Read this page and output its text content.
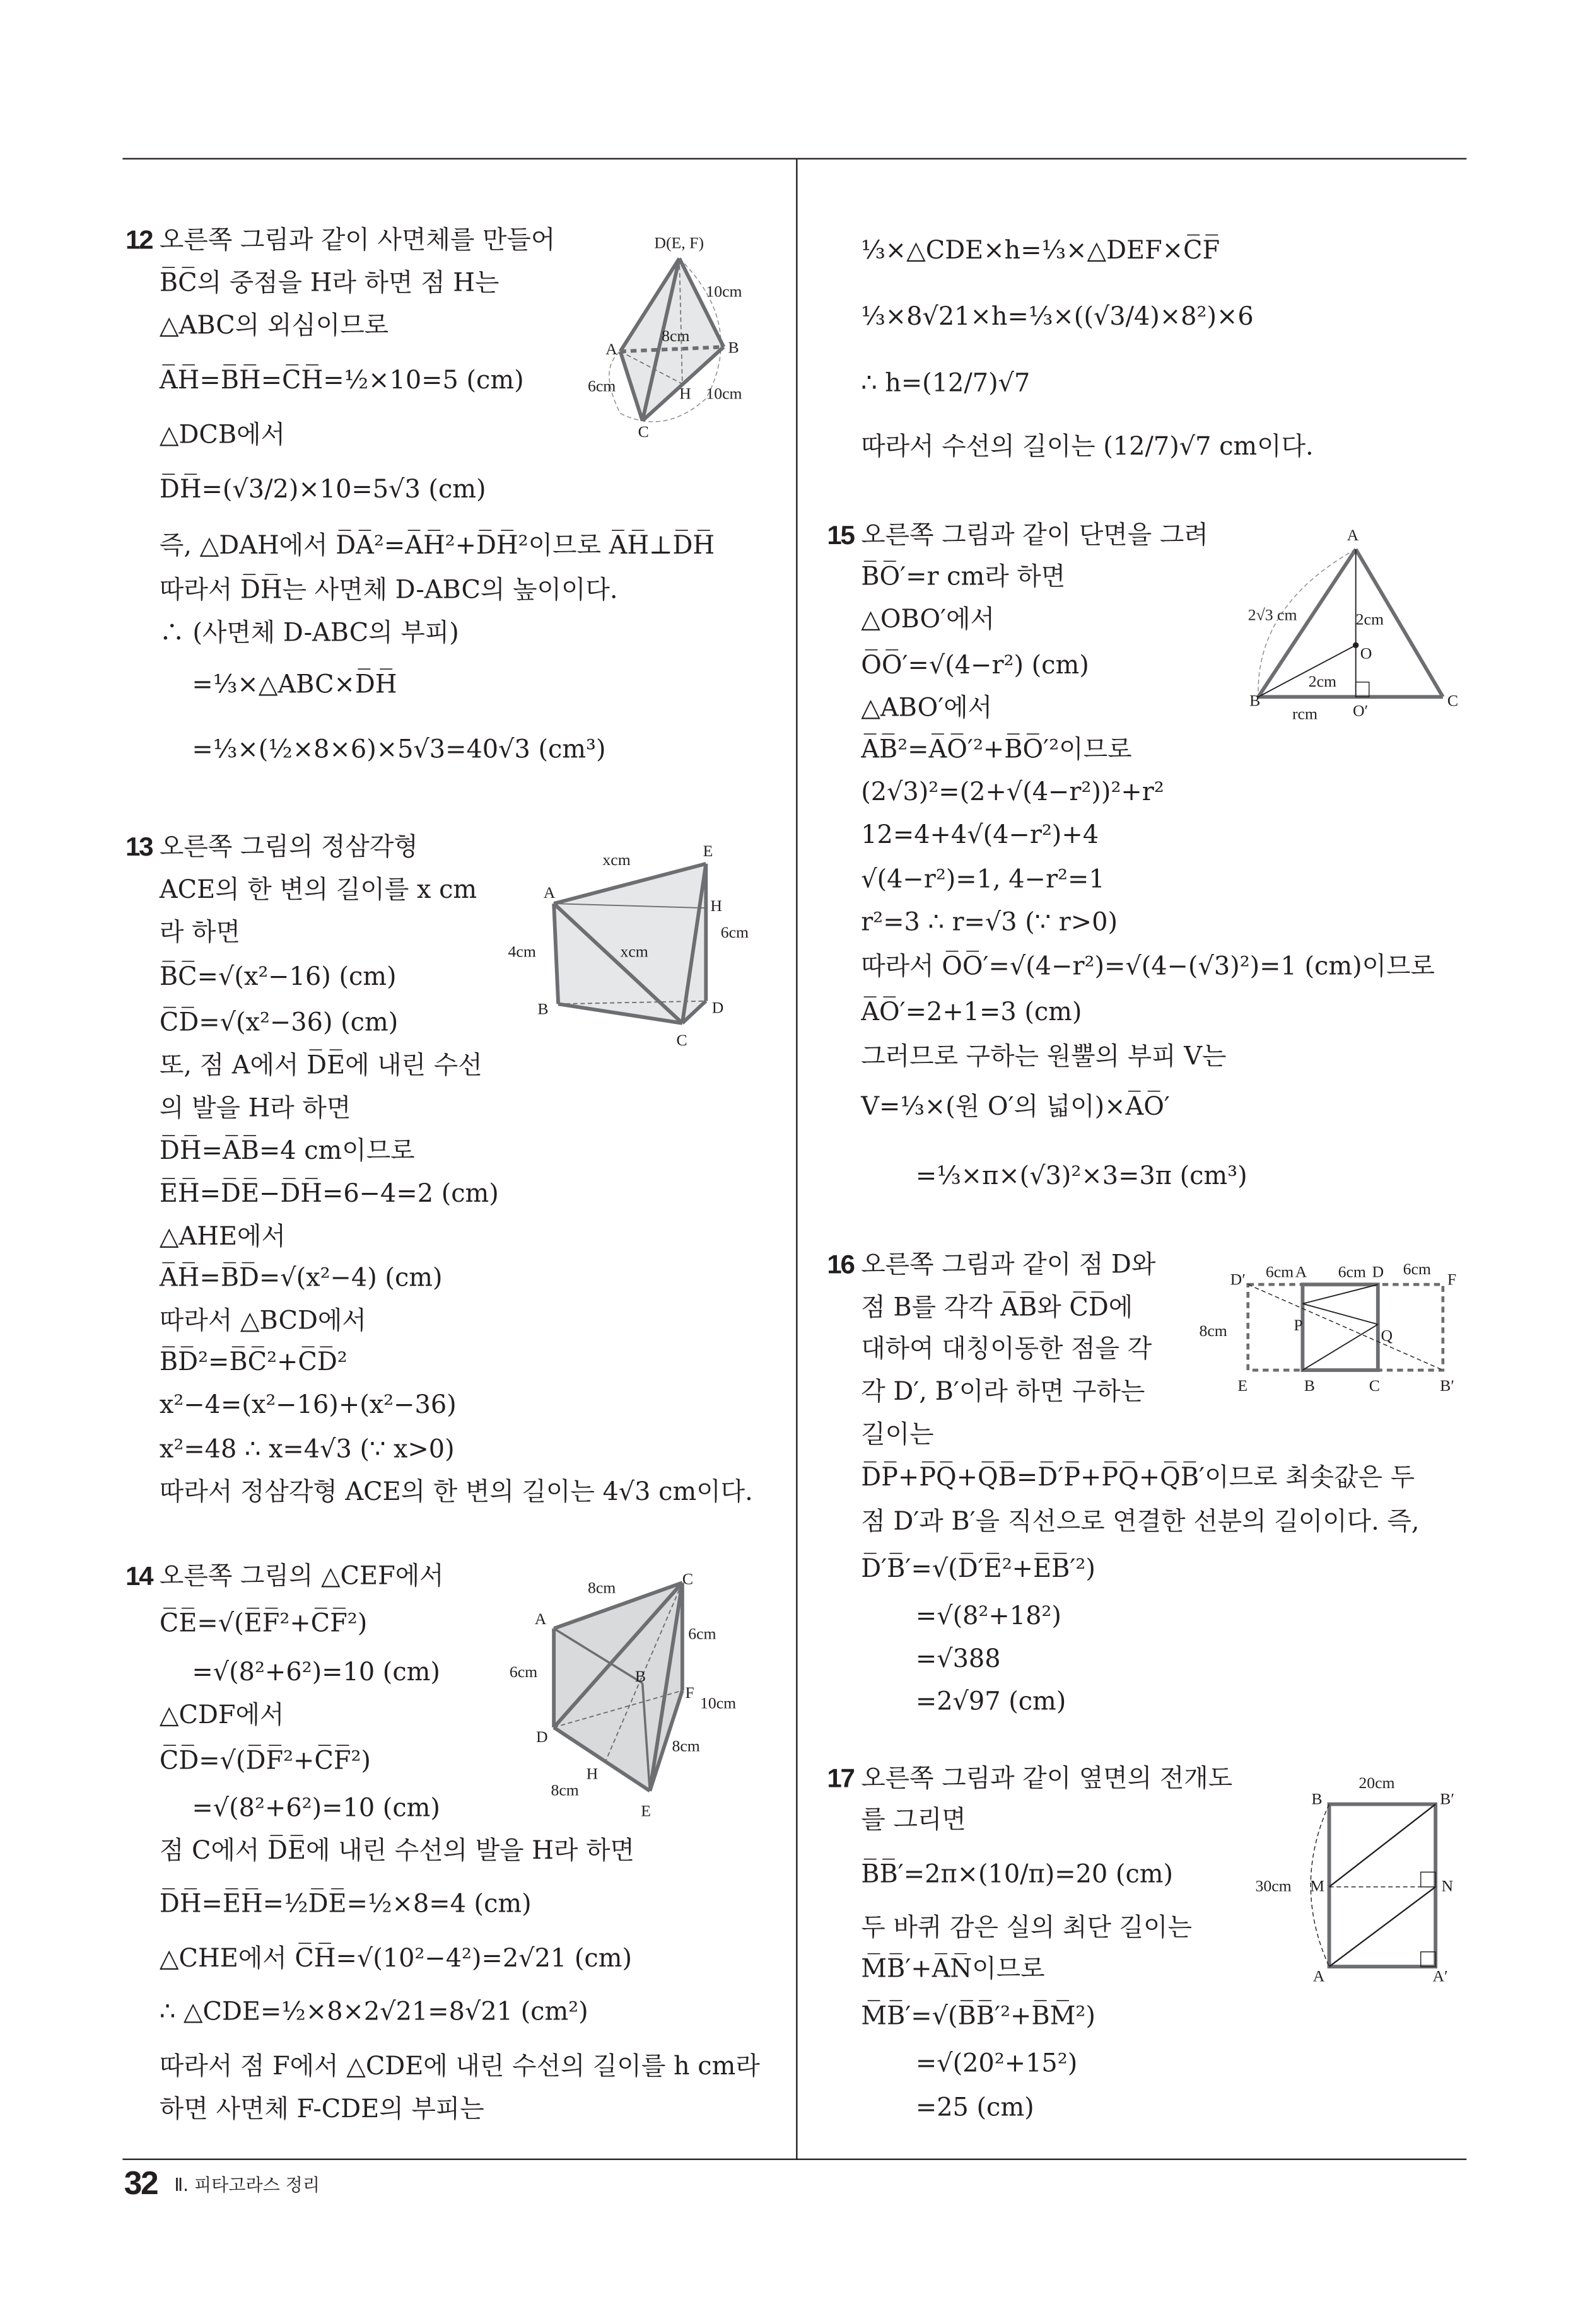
12 오른쪽 그림과 같이 사면체를 만들어
B̅C̅의 중점을 H라 하면 점 H는
△ABC의 외심이므로
A̅H̅=B̅H̅=C̅H̅=½×10=5 (cm)
△DCB에서
D̅H̅=(√3/2)×10=5√3 (cm)
즉, △DAH에서 D̅A̅²=A̅H̅²+D̅H̅²이므로 A̅H̅⊥D̅H̅
따라서 D̅H̅는 사면체 D-ABC의 높이이다.
∴ (사면체 D-ABC의 부피)
=⅓×△ABC×D̅H̅
=⅓×(½×8×6)×5√3=40√3 (cm³)
13 오른쪽 그림의 정삼각형
ACE의 한 변의 길이를 x cm
라 하면
B̅C̅=√(x²−16) (cm)
C̅D̅=√(x²−36) (cm)
또, 점 A에서 D̅E̅에 내린 수선
의 발을 H라 하면
D̅H̅=A̅B̅=4 cm이므로
E̅H̅=D̅E̅−D̅H̅=6−4=2 (cm)
△AHE에서
A̅H̅=B̅D̅=√(x²−4) (cm)
따라서 △BCD에서
B̅D̅²=B̅C̅²+C̅D̅²
x²−4=(x²−16)+(x²−36)
x²=48 ∴ x=4√3 (∵ x>0)
따라서 정삼각형 ACE의 한 변의 길이는 4√3 cm이다.
14 오른쪽 그림의 △CEF에서
C̅E̅=√(E̅F̅²+C̅F̅²)
=√(8²+6²)=10 (cm)
△CDF에서
C̅D̅=√(D̅F̅²+C̅F̅²)
=√(8²+6²)=10 (cm)
점 C에서 D̅E̅에 내린 수선의 발을 H라 하면
D̅H̅=E̅H̅=½D̅E̅=½×8=4 (cm)
△CHE에서 C̅H̅=√(10²−4²)=2√21 (cm)
∴ △CDE=½×8×2√21=8√21 (cm²)
따라서 점 F에서 △CDE에 내린 수선의 길이를 h cm라
하면 사면체 F-CDE의 부피는
⅓×△CDE×h=⅓×△DEF×C̅F̅
⅓×8√21×h=⅓×((√3/4)×8²)×6
∴ h=(12/7)√7
따라서 수선의 길이는 (12/7)√7 cm이다.
15 오른쪽 그림과 같이 단면을 그려
B̅O̅′=r cm라 하면
△OBO′에서
O̅O̅′=√(4−r²) (cm)
△ABO′에서
A̅B̅²=A̅O̅′²+B̅O̅′²이므로
(2√3)²=(2+√(4−r²))²+r²
12=4+4√(4−r²)+4
√(4−r²)=1, 4−r²=1
r²=3 ∴ r=√3 (∵ r>0)
따라서 O̅O̅′=√(4−r²)=√(4−(√3)²)=1 (cm)이므로
A̅O̅′=2+1=3 (cm)
그러므로 구하는 원뿔의 부피 V는
V=⅓×(원 O′의 넓이)×A̅O̅′
=⅓×π×(√3)²×3=3π (cm³)
16 오른쪽 그림과 같이 점 D와
점 B를 각각 A̅B̅와 C̅D̅에
대하여 대칭이동한 점을 각
각 D′, B′이라 하면 구하는
길이는
D̅P̅+P̅Q̅+Q̅B̅=D̅′P̅+P̅Q̅+Q̅B̅′이므로 최솟값은 두
점 D′과 B′을 직선으로 연결한 선분의 길이이다. 즉,
D̅′B̅′=√(D̅′E̅²+E̅B̅′²)
=√(8²+18²)
=√388
=2√97 (cm)
17 오른쪽 그림과 같이 옆면의 전개도
를 그리면
B̅B̅′=2π×(10/π)=20 (cm)
두 바퀴 감은 실의 최단 길이는
M̅B̅′+A̅N̅이므로
M̅B̅′=√(B̅B̅′²+B̅M̅²)
=√(20²+15²)
=25 (cm)
D(E, F)
10cm
8cm
A	B
6cm	H 10cm
C
xcm	E
A
H
4cm	xcm
6cm
B	D
C
8cm	C
A
6cm
6cm
B
F
10cm
D	8cm
H
8cm
E
A
2√3 cm	2cm
O
2cm
B
rcm	O′
C
6cm	6cm	6cm
D′	A	D	F
8cm	P
Q
E	B	C	B′
20cm
B	B′
30cm	M	N
A	A′
32 Ⅱ. 피타고라스 정리
